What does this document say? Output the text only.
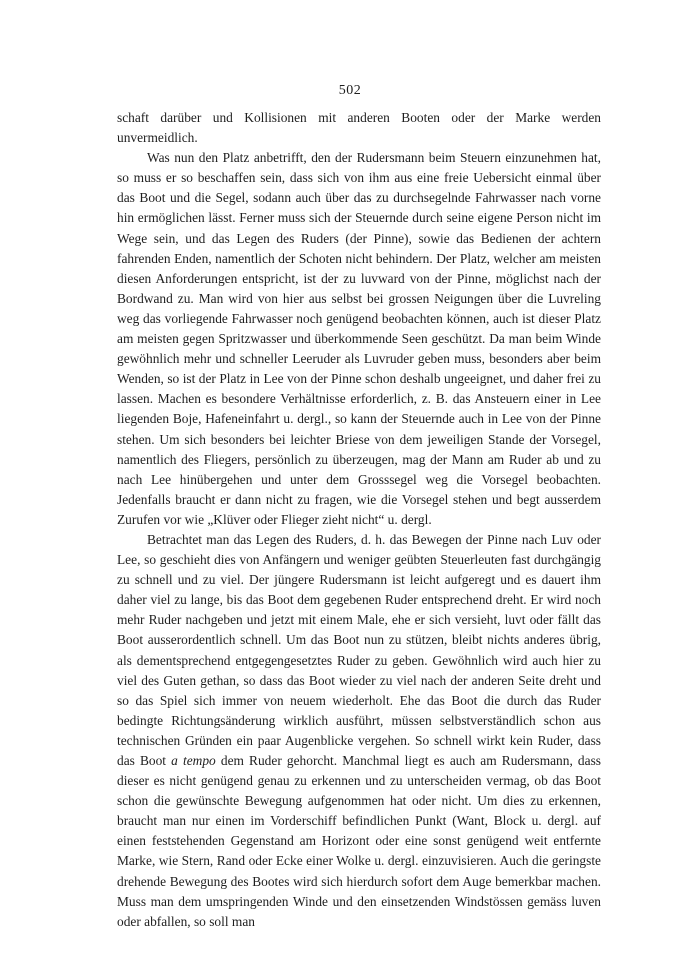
502

schaft darüber und Kollisionen mit anderen Booten oder der Marke werden unvermeidlich.

Was nun den Platz anbetrifft, den der Rudersmann beim Steuern einzunehmen hat, so muss er so beschaffen sein, dass sich von ihm aus eine freie Uebersicht einmal über das Boot und die Segel, sodann auch über das zu durchsegelnde Fahrwasser nach vorne hin ermöglichen lässt. Ferner muss sich der Steuernde durch seine eigene Person nicht im Wege sein, und das Legen des Ruders (der Pinne), sowie das Bedienen der achtern fahrenden Enden, namentlich der Schoten nicht behindern. Der Platz, welcher am meisten diesen Anforderungen entspricht, ist der zu luvward von der Pinne, möglichst nach der Bordwand zu. Man wird von hier aus selbst bei grossen Neigungen über die Luvreling weg das vorliegende Fahrwasser noch genügend beobachten können, auch ist dieser Platz am meisten gegen Spritzwasser und überkommende Seen geschützt. Da man beim Winde gewöhnlich mehr und schneller Leeruder als Luvruder geben muss, besonders aber beim Wenden, so ist der Platz in Lee von der Pinne schon deshalb ungeeignet, und daher frei zu lassen. Machen es besondere Verhältnisse erforderlich, z. B. das Ansteuern einer in Lee liegenden Boje, Hafeneinfahrt u. dergl., so kann der Steuernde auch in Lee von der Pinne stehen. Um sich besonders bei leichter Briese von dem jeweiligen Stande der Vorsegel, namentlich des Fliegers, persönlich zu überzeugen, mag der Mann am Ruder ab und zu nach Lee hinübergehen und unter dem Grosssegel weg die Vorsegel beobachten. Jedenfalls braucht er dann nicht zu fragen, wie die Vorsegel stehen und begt ausserdem Zurufen vor wie „Klüver oder Flieger zieht nicht“ u. dergl.

Betrachtet man das Legen des Ruders, d. h. das Bewegen der Pinne nach Luv oder Lee, so geschieht dies von Anfängern und weniger geübten Steuerleuten fast durchgängig zu schnell und zu viel. Der jüngere Rudersmann ist leicht aufgeregt und es dauert ihm daher viel zu lange, bis das Boot dem gegebenen Ruder entsprechend dreht. Er wird noch mehr Ruder nachgeben und jetzt mit einem Male, ehe er sich versieht, luvt oder fällt das Boot ausserordentlich schnell. Um das Boot nun zu stützen, bleibt nichts anderes übrig, als dementsprechend entgegengesetztes Ruder zu geben. Gewöhnlich wird auch hier zu viel des Guten gethan, so dass das Boot wieder zu viel nach der anderen Seite dreht und so das Spiel sich immer von neuem wiederholt. Ehe das Boot die durch das Ruder bedingte Richtungsänderung wirklich ausführt, müssen selbstverständlich schon aus technischen Gründen ein paar Augenblicke vergehen. So schnell wirkt kein Ruder, dass das Boot a tempo dem Ruder gehorcht. Manchmal liegt es auch am Rudersmann, dass dieser es nicht genügend genau zu erkennen und zu unterscheiden vermag, ob das Boot schon die gewünschte Bewegung aufgenommen hat oder nicht. Um dies zu erkennen, braucht man nur einen im Vorderschiff befindlichen Punkt (Want, Block u. dergl. auf einen feststehenden Gegenstand am Horizont oder eine sonst genügend weit entfernte Marke, wie Stern, Rand oder Ecke einer Wolke u. dergl. einzuvisieren. Auch die geringste drehende Bewegung des Bootes wird sich hierdurch sofort dem Auge bemerkbar machen. Muss man dem umspringenden Winde und den einsetzenden Windstössen gemäss luven oder abfallen, so soll man
